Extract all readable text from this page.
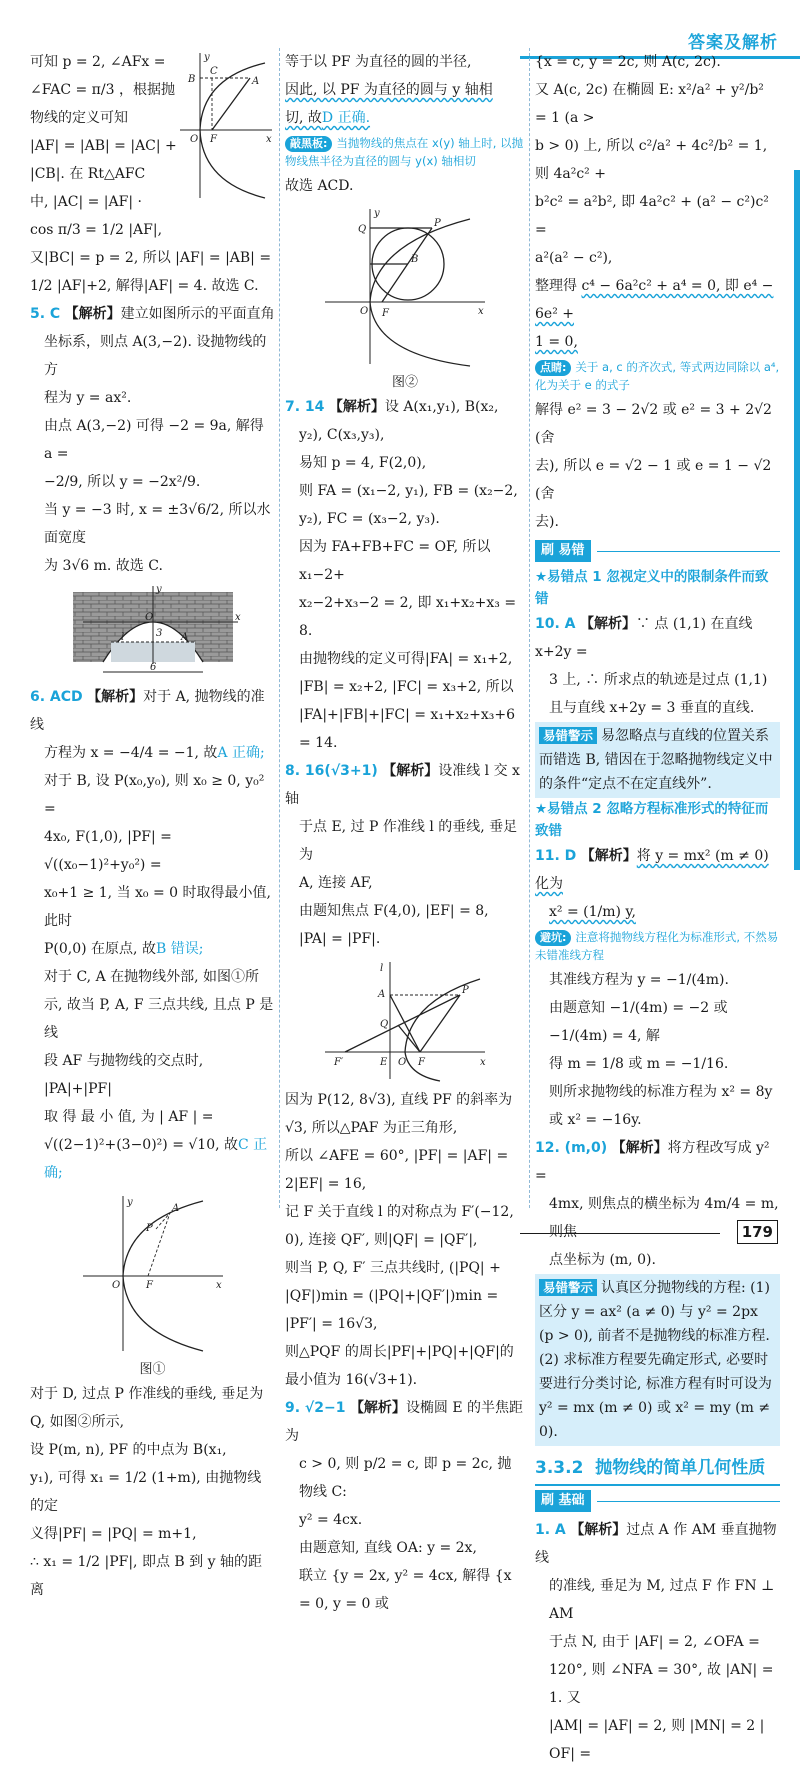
答案及解析

可知 p = 2, ∠AFx =

∠FAC = π/3 ，根据抛

物线的定义可知

|AF| = |AB| = |AC| +

|CB|. 在 Rt△AFC

中, |AC| = |AF| ·

B
C
A
O F	x
y

cos π/3 = 1/2 |AF|,

又|BC| = p = 2, 所以 |AF| = |AB| =

1/2 |AF|+2, 解得|AF| = 4. 故选 C.

5. C 【解析】建立如图所示的平面直角

坐标系，则点 A(3,−2). 设抛物线的方

程为 y = ax².

由点 A(3,−2) 可得 −2 = 9a, 解得 a =

−2/9, 所以 y = −2x²/9.

当 y = −3 时, x = ±3√6/2, 所以水面宽度

为 3√6 m. 故选 C.

y
x
O
A
l	3
6

6. ACD 【解析】对于 A, 抛物线的准线

方程为 x = −4/4 = −1, 故A 正确;

对于 B, 设 P(x₀,y₀), 则 x₀ ≥ 0, y₀² =

4x₀, F(1,0), |PF| = √((x₀−1)²+y₀²) =

x₀+1 ≥ 1, 当 x₀ = 0 时取得最小值, 此时

P(0,0) 在原点, 故B 错误;

对于 C, A 在抛物线外部, 如图①所

示, 故当 P, A, F 三点共线, 且点 P 是线

段 AF 与抛物线的交点时, |PA|+|PF|

取 得 最 小 值, 为 | AF | =

√((2−1)²+(3−0)²) = √10, 故C 正确;

y
A
P
O	F	x

图①

对于 D, 过点 P 作准线的垂线, 垂足为

Q, 如图②所示,

设 P(m, n), PF 的中点为 B(x₁,

y₁), 可得 x₁ = 1/2 (1+m), 由抛物线的定

义得|PF| = |PQ| = m+1,

∴ x₁ = 1/2 |PF|, 即点 B 到 y 轴的距离

等于以 PF 为直径的圆的半径,

因此, 以 PF 为直径的圆与 y 轴相

切, 故D 正确.

敲黑板: 当抛物线的焦点在 x(y) 轴上时, 以抛物线焦半径为直径的圆与 y(x) 轴相切

故选 ACD.

y
P
Q
B
O F	x

图②

7. 14 【解析】设 A(x₁,y₁), B(x₂,

y₂), C(x₃,y₃),

易知 p = 4, F(2,0),

则 FA = (x₁−2, y₁), FB = (x₂−2,

y₂), FC = (x₃−2, y₃).

因为 FA+FB+FC = OF, 所以 x₁−2+

x₂−2+x₃−2 = 2, 即 x₁+x₂+x₃ = 8.

由抛物线的定义可得|FA| = x₁+2,

|FB| = x₂+2, |FC| = x₃+2, 所以

|FA|+|FB|+|FC| = x₁+x₂+x₃+6 = 14.

8. 16(√3+1) 【解析】设准线 l 交 x 轴

于点 E, 过 P 作准线 l 的垂线, 垂足为

A, 连接 AF,

由题知焦点 F(4,0), |EF| = 8,

|PA| = |PF|.

l
A	P
Q
F′	E O F	x

因为 P(12, 8√3), 直线 PF 的斜率为

√3, 所以△PAF 为正三角形,

所以 ∠AFE = 60°, |PF| = |AF| =

2|EF| = 16,

记 F 关于直线 l 的对称点为 F′(−12,

0), 连接 QF′, 则|QF| = |QF′|,

则当 P, Q, F′ 三点共线时, (|PQ| +

|QF|)min = (|PQ|+|QF′|)min =

|PF′| = 16√3,

则△PQF 的周长|PF|+|PQ|+|QF|的

最小值为 16(√3+1).

9. √2−1 【解析】设椭圆 E 的半焦距为

c > 0, 则 p/2 = c, 即 p = 2c, 抛物线 C:

y² = 4cx.

由题意知, 直线 OA: y = 2x,

联立 {y = 2x, y² = 4cx, 解得 {x = 0, y = 0 或

{x = c, y = 2c, 则 A(c, 2c).

又 A(c, 2c) 在椭圆 E: x²/a² + y²/b² = 1 (a >

b > 0) 上, 所以 c²/a² + 4c²/b² = 1, 则 4a²c² +

b²c² = a²b², 即 4a²c² + (a² − c²)c² =

a²(a² − c²),

整理得 c⁴ − 6a²c² + a⁴ = 0, 即 e⁴ − 6e² +

1 = 0,

点睛: 关于 a, c 的齐次式, 等式两边同除以 a⁴, 化为关于 e 的式子

解得 e² = 3 − 2√2 或 e² = 3 + 2√2 (舍

去), 所以 e = √2 − 1 或 e = 1 − √2 (舍

去).

刷 易错

★易错点 1 忽视定义中的限制条件而致错

10. A 【解析】∵ 点 (1,1) 在直线 x+2y =

3 上, ∴ 所求点的轨迹是过点 (1,1)

且与直线 x+2y = 3 垂直的直线.

易错警示 易忽略点与直线的位置关系而错选 B, 错因在于忽略抛物线定义中的条件“定点不在定直线外”.

★易错点 2 忽略方程标准形式的特征而致错

11. D 【解析】将 y = mx² (m ≠ 0) 化为

x² = (1/m) y,

避坑: 注意将抛物线方程化为标准形式, 不然易未错准线方程

其准线方程为 y = −1/(4m).

由题意知 −1/(4m) = −2 或 −1/(4m) = 4, 解

得 m = 1/8 或 m = −1/16.

则所求抛物线的标准方程为 x² = 8y

或 x² = −16y.

12. (m,0) 【解析】将方程改写成 y² =

4mx, 则焦点的横坐标为 4m/4 = m, 则焦

点坐标为 (m, 0).

易错警示 认真区分抛物线的方程: (1) 区分 y = ax² (a ≠ 0) 与 y² = 2px (p > 0), 前者不是抛物线的标准方程. (2) 求标准方程要先确定形式, 必要时要进行分类讨论, 标准方程有时可设为 y² = mx (m ≠ 0) 或 x² = my (m ≠ 0).
3.3.2 抛物线的简单几何性质
刷 基础

1. A 【解析】过点 A 作 AM 垂直抛物线

的准线, 垂足为 M, 过点 F 作 FN ⊥ AM

于点 N, 由于 |AF| = 2, ∠OFA =

120°, 则 ∠NFA = 30°, 故 |AN| = 1. 又

|AM| = |AF| = 2, 则 |MN| = 2 | OF| =

179
